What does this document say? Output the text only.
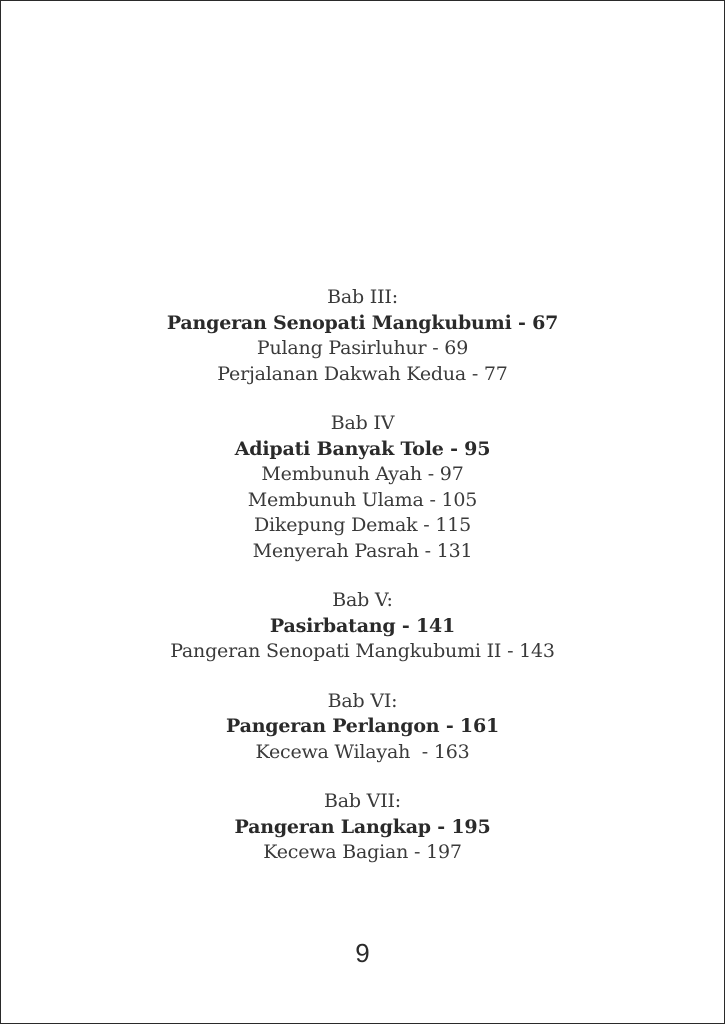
Bab III:
Pangeran Senopati Mangkubumi - 67
Pulang Pasirluhur - 69
Perjalanan Dakwah Kedua - 77
Bab IV
Adipati Banyak Tole - 95
Membunuh Ayah - 97
Membunuh Ulama - 105
Dikepung Demak - 115
Menyerah Pasrah - 131
Bab V:
Pasirbatang - 141
Pangeran Senopati Mangkubumi II - 143
Bab VI:
Pangeran Perlangon - 161
Kecewa Wilayah  - 163
Bab VII:
Pangeran Langkap - 195
Kecewa Bagian - 197
9
